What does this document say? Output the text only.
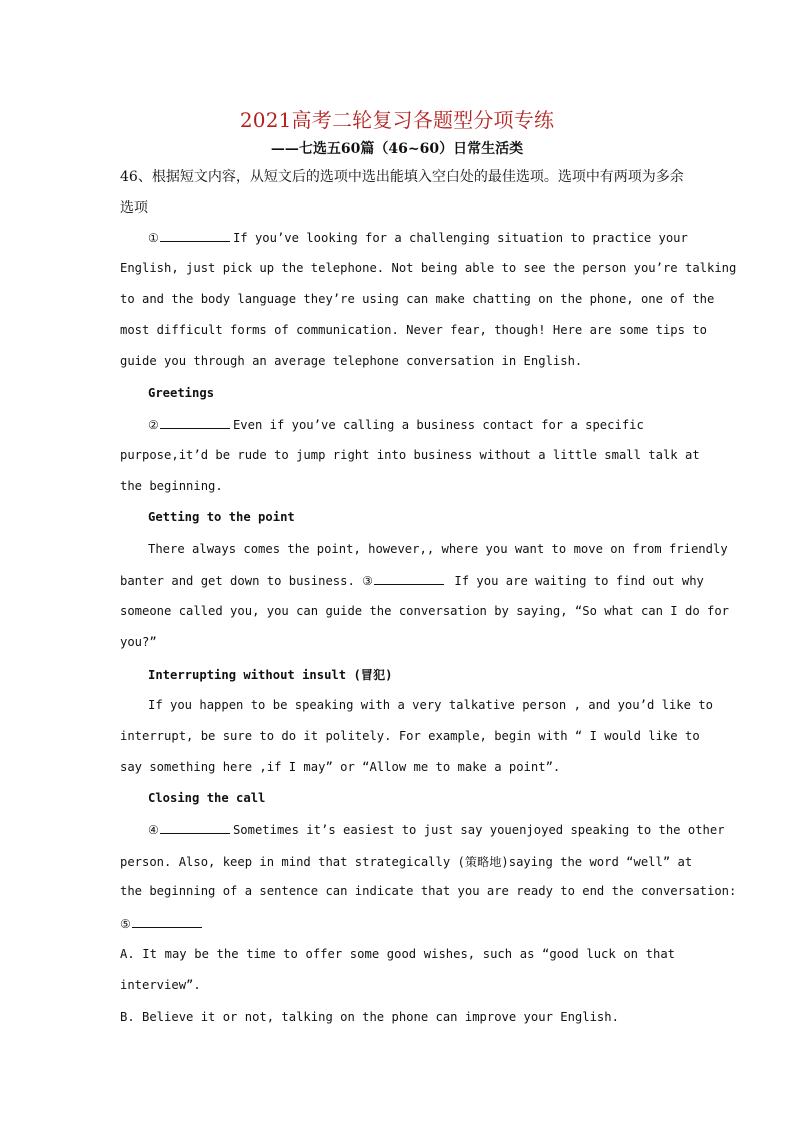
2021高考二轮复习各题型分项专练
——七选五60篇（46~60）日常生活类
46、根据短文内容，从短文后的选项中选出能填入空白处的最佳选项。选项中有两项为多余
选项
①	If you’ve looking for a challenging situation to practice your
English, just pick up the telephone. Not being able to see the person you’re talking
to and the body language they’re using can make chatting on the phone, one of the
most difficult forms of communication. Never fear, though! Here are some tips to
guide you through an average telephone conversation in English.
Greetings
②	Even if you’ve calling a business contact for a specific
purpose,it’d be rude to jump right into business without a little small talk at
the beginning.
Getting to the point
There always comes the point, however,, where you want to move on from friendly
banter and get down to business. ③	If you are waiting to find out why
someone called you, you can guide the conversation by saying, “So what can I do for
you?”
Interrupting without insult (冒犯)
If you happen to be speaking with a very talkative person , and you’d like to
interrupt, be sure to do it politely. For example, begin with “ I would like to
say something here ,if I may” or “Allow me to make a point”.
Closing the call
④	Sometimes it’s easiest to just say youenjoyed speaking to the other
person. Also, keep in mind that strategically (策略地)saying the word “well” at
the beginning of a sentence can indicate that you are ready to end the conversation:
⑤
A. It may be the time to offer some good wishes, such as “good luck on that
interview”.
B. Believe it or not, talking on the phone can improve your English.
